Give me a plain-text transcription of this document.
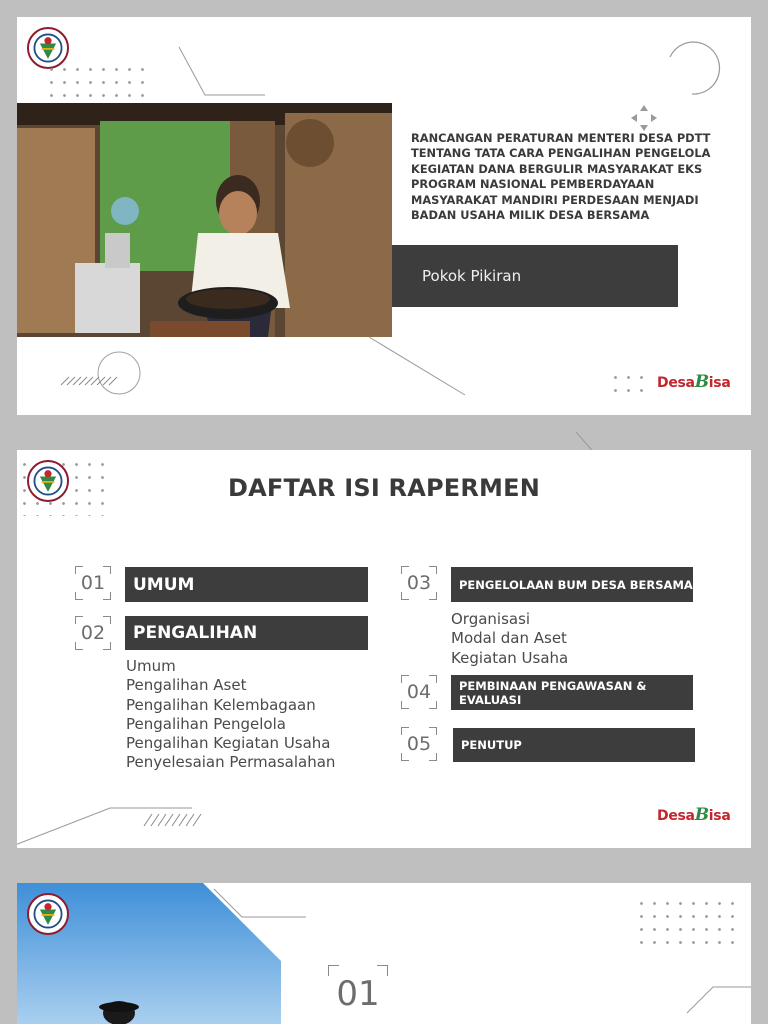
RANCANGAN PERATURAN MENTERI DESA PDTT TENTANG TATA CARA PENGALIHAN PENGELOLA KEGIATAN DANA BERGULIR MASYARAKAT EKS PROGRAM NASIONAL PEMBERDAYAAN MASYARAKAT MANDIRI PERDESAAN MENJADI BADAN USAHA MILIK DESA BERSAMA
Pokok Pikiran
DesaBisa
DAFTAR ISI RAPERMEN
01	UMUM
02	PENGALIHAN
Umum
Pengalihan Aset
Pengalihan Kelembagaan
Pengalihan Pengelola
Pengalihan Kegiatan Usaha
Penyelesaian Permasalahan
03	PENGELOLAAN BUM DESA BERSAMA
Organisasi
Modal dan Aset
Kegiatan Usaha
04	PEMBINAAN PENGAWASAN & EVALUASI
05	PENUTUP
DesaBisa
01
